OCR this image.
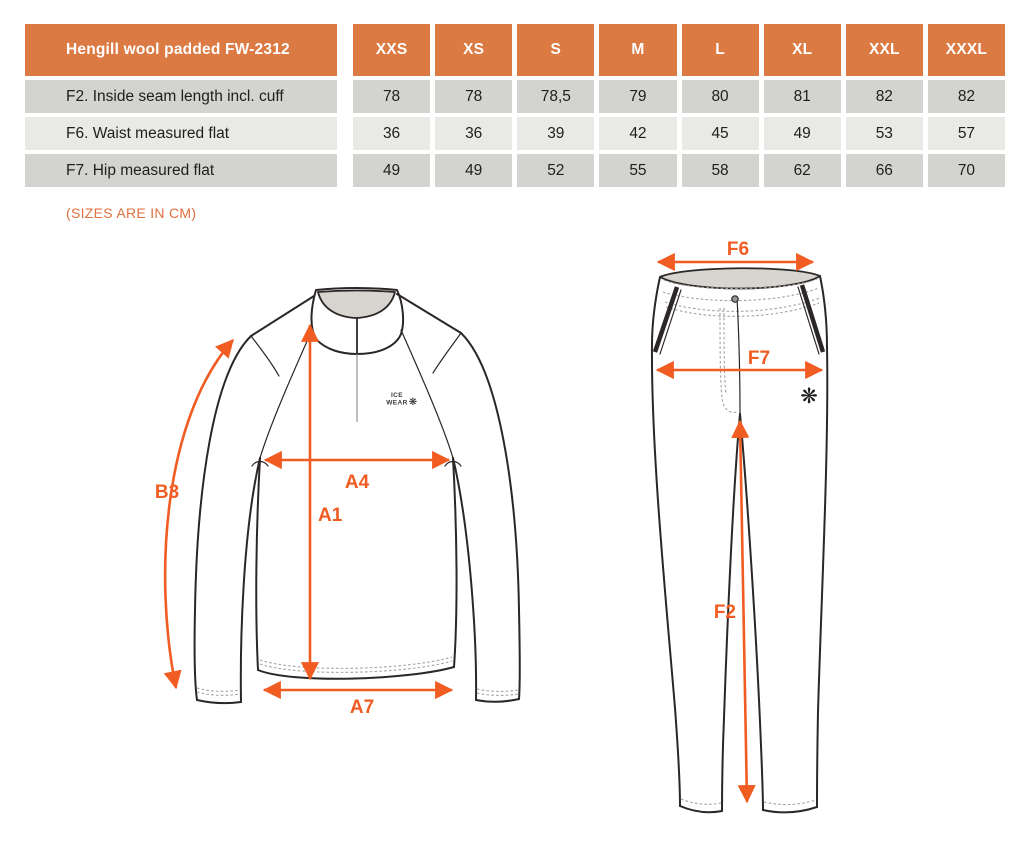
Hengill wool padded FW-2312	XXS	XS	S	M	L	XL	XXL	XXXL
F2. Inside seam length incl. cuff	78	78	78,5	79	80	81	82	82
F6. Waist measured flat	36	36	39	42	45	49	53	57
F7. Hip measured flat	49	49	52	55	58	62	66	70
(SIZES ARE IN CM)
ICE
WEAR ❋
B3	A4
A1
A7
❋
F6
F7
F2
